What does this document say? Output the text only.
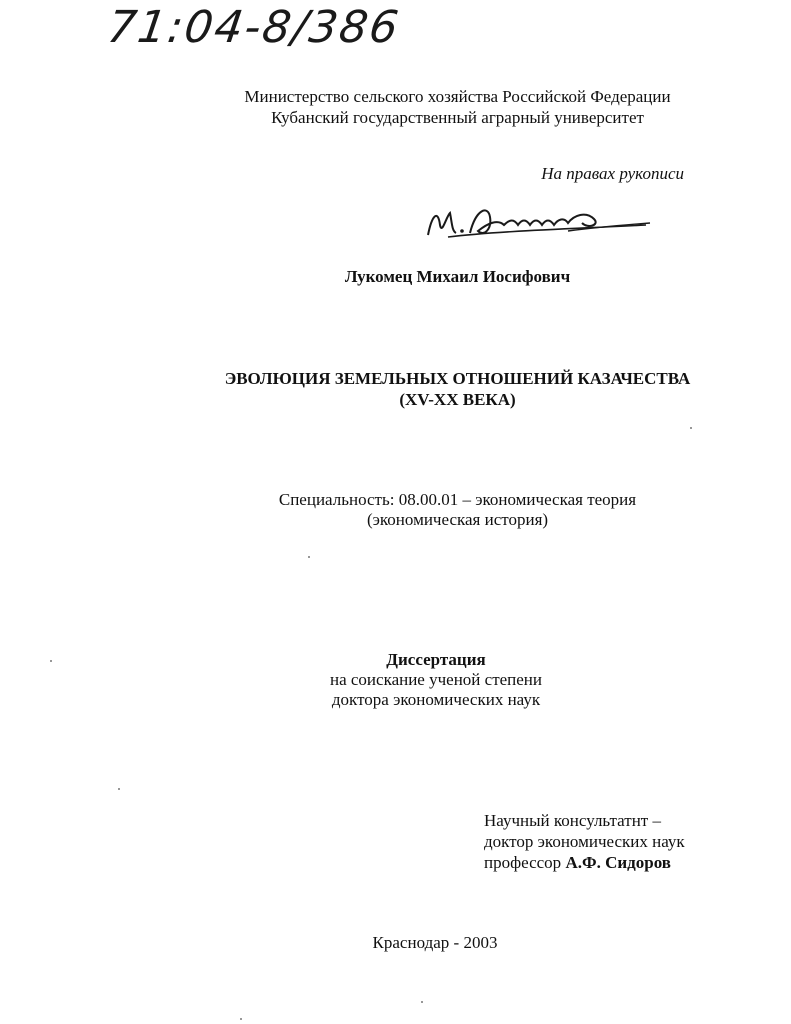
71:04-8/386
Министерство сельского хозяйства Российской Федерации
Кубанский государственный аграрный университет
На правах рукописи
Лукомец Михаил Иосифович
ЭВОЛЮЦИЯ ЗЕМЕЛЬНЫХ ОТНОШЕНИЙ КАЗАЧЕСТВА
(XV-XX ВЕКА)
Специальность: 08.00.01 – экономическая теория
(экономическая история)
Диссертация
на соискание ученой степени
доктора экономических наук
Научный консультатнт –
доктор экономических наук
профессор А.Ф. Сидоров
Краснодар - 2003
